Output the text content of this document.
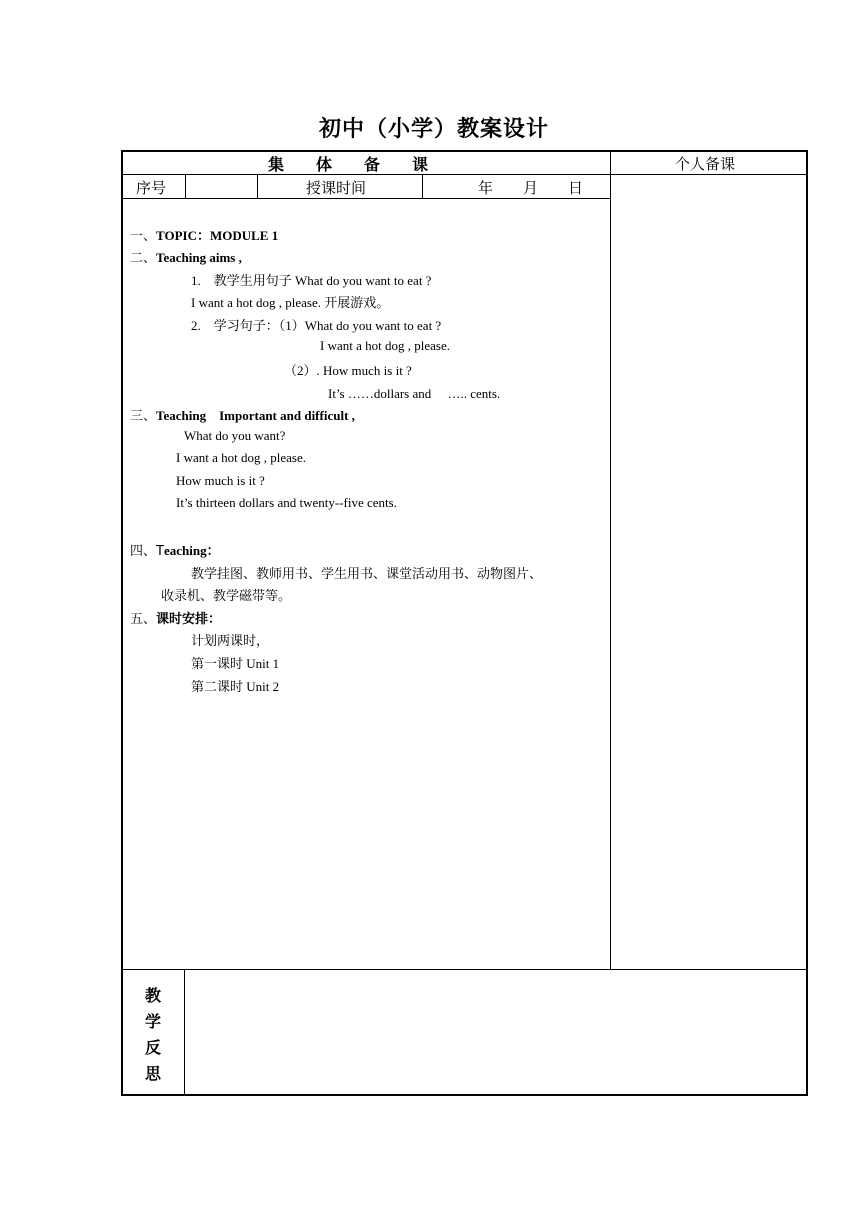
初中（小学）教案设计
集　　体　　备　　课	个人备课
序号	授课时间	年　　月　　日
一、TOPIC：MODULE 1
二、Teaching aims ,
1.　教学生用句子 What do you want to eat ?
I want a hot dog , please. 开展游戏。
2.　学习句子：（1）What do you want to eat ?
I want a hot dog , please.
（2）. How much is it ?
It’s ……dollars and　 ….. cents.
三、Teaching　Important and difficult ,
What do you want?
I want a hot dog , please.
How much is it ?
It’s thirteen dollars and twenty--five cents.
四、Teaching：
教学挂图、教师用书、学生用书、课堂活动用书、动物图片、
收录机、教学磁带等。
五、课时安排：
计划两课时，
第一课时 Unit 1
第二课时 Unit 2
教
学
反
思
